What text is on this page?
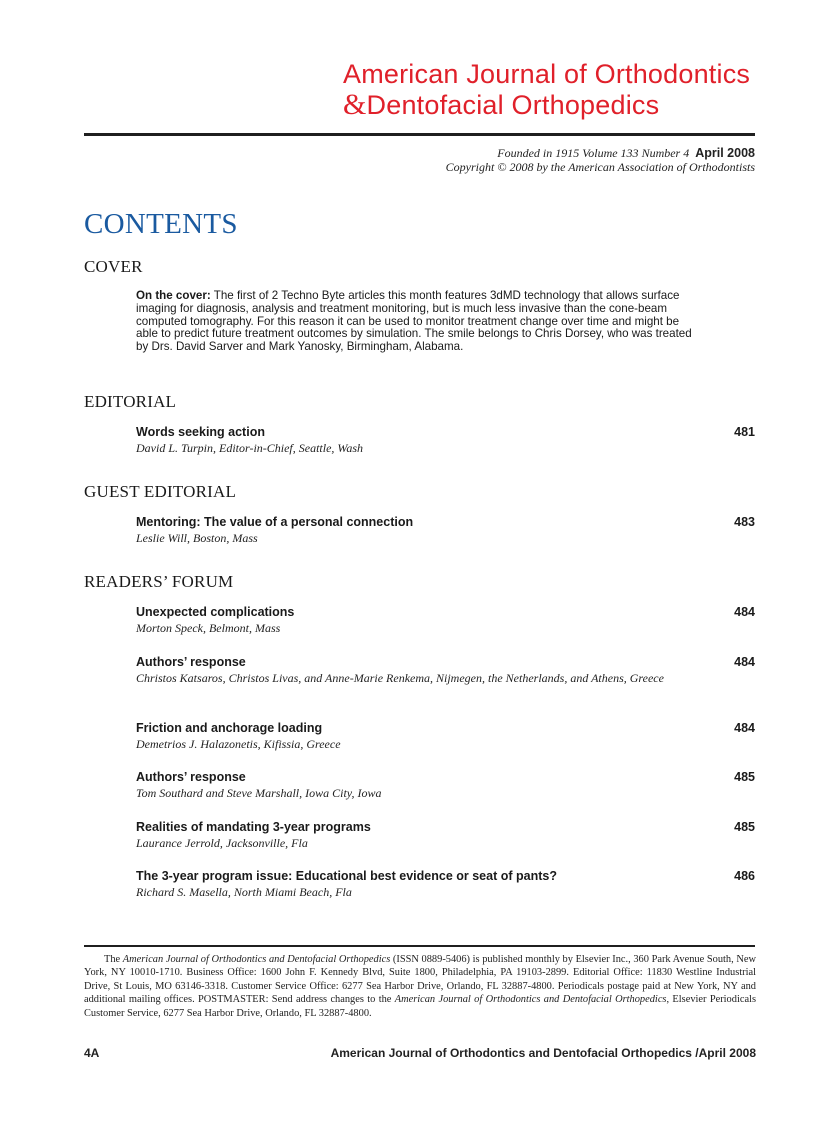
American Journal of Orthodontics
&Dentofacial Orthopedics
Founded in 1915 Volume 133 Number 4 April 2008
Copyright © 2008 by the American Association of Orthodontists
CONTENTS
COVER
On the cover: The first of 2 Techno Byte articles this month features 3dMD technology that allows surface imaging for diagnosis, analysis and treatment monitoring, but is much less invasive than the cone-beam computed tomography. For this reason it can be used to monitor treatment change over time and might be able to predict future treatment outcomes by simulation. The smile belongs to Chris Dorsey, who was treated by Drs. David Sarver and Mark Yanosky, Birmingham, Alabama.
EDITORIAL
Words seeking action
David L. Turpin, Editor-in-Chief, Seattle, Wash
481
GUEST EDITORIAL
Mentoring: The value of a personal connection
Leslie Will, Boston, Mass
483
READERS’ FORUM
Unexpected complications
Morton Speck, Belmont, Mass
484
Authors’ response
Christos Katsaros, Christos Livas, and Anne-Marie Renkema, Nijmegen, the Netherlands, and Athens, Greece
484
Friction and anchorage loading
Demetrios J. Halazonetis, Kifissia, Greece
484
Authors’ response
Tom Southard and Steve Marshall, Iowa City, Iowa
485
Realities of mandating 3-year programs
Laurance Jerrold, Jacksonville, Fla
485
The 3-year program issue: Educational best evidence or seat of pants?
Richard S. Masella, North Miami Beach, Fla
486
The American Journal of Orthodontics and Dentofacial Orthopedics (ISSN 0889-5406) is published monthly by Elsevier Inc., 360 Park Avenue South, New York, NY 10010-1710. Business Office: 1600 John F. Kennedy Blvd, Suite 1800, Philadelphia, PA 19103-2899. Editorial Office: 11830 Westline Industrial Drive, St Louis, MO 63146-3318. Customer Service Office: 6277 Sea Harbor Drive, Orlando, FL 32887-4800. Periodicals postage paid at New York, NY and additional mailing offices. POSTMASTER: Send address changes to the American Journal of Orthodontics and Dentofacial Orthopedics, Elsevier Periodicals Customer Service, 6277 Sea Harbor Drive, Orlando, FL 32887-4800.
4A	American Journal of Orthodontics and Dentofacial Orthopedics /April 2008
